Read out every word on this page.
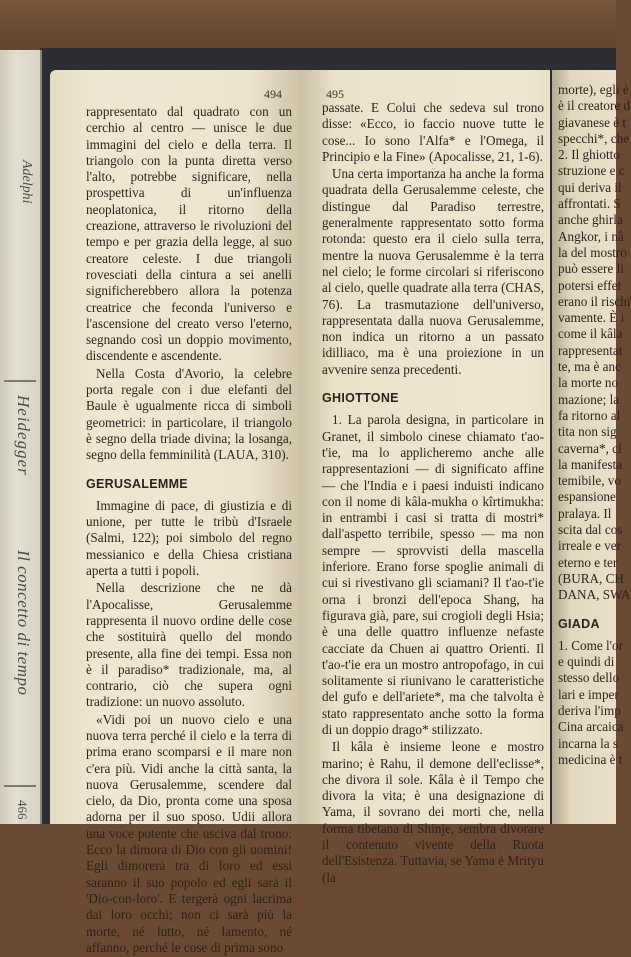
Adelphi
Heidegger
Il concetto di tempo
466
494

rappresentato dal quadrato con un cerchio al centro — unisce le due immagini del cielo e della terra. Il triangolo con la punta diretta verso l'alto, potrebbe significare, nella prospettiva di un'influenza neoplatonica, il ritorno della creazione, attraverso le rivoluzioni del tempo e per grazia della legge, al suo creatore celeste. I due triangoli rovesciati della cintura a sei anelli significherebbero allora la potenza creatrice che feconda l'universo e l'ascensione del creato verso l'eterno, segnando così un doppio movimento, discendente e ascendente.

Nella Costa d'Avorio, la celebre porta regale con i due elefanti del Baule è ugualmente ricca di simboli geometrici: in particolare, il triangolo è segno della triade divina; la losanga, segno della femminilità (LAUA, 310).

GERUSALEMME

Immagine di pace, di giustizia e di unione, per tutte le tribù d'Israele (Salmi, 122); poi simbolo del regno messianico e della Chiesa cristiana aperta a tutti i popoli.

Nella descrizione che ne dà l'Apocalisse, Gerusalemme rappresenta il nuovo ordine delle cose che sostituirà quello del mondo presente, alla fine dei tempi. Essa non è il paradiso* tradizionale, ma, al contrario, ciò che supera ogni tradizione: un nuovo assoluto.

«Vidi poi un nuovo cielo e una nuova terra perché il cielo e la terra di prima erano scomparsi e il mare non c'era più. Vidi anche la città santa, la nuova Gerusalemme, scendere dal cielo, da Dio, pronta come una sposa adorna per il suo sposo. Udii allora una voce potente che usciva dal trono: Ecco la dimora di Dio con gli uomini! Egli dimorerà tra di loro ed essi saranno il suo popolo ed egli sarà il 'Dio-con-loro'. E tergerà ogni lacrima dai loro occhi; non ci sarà più la morte, né lutto, né lamento, né affanno, perché le cose di prima sono

495

passate. E Colui che sedeva sul trono disse: «Ecco, io faccio nuove tutte le cose... Io sono l'Alfa* e l'Omega, il Principio e la Fine» (Apocalisse, 21, 1-6).

Una certa importanza ha anche la forma quadrata della Gerusalemme celeste, che distingue dal Paradiso terrestre, generalmente rappresentato sotto forma rotonda: questo era il cielo sulla terra, mentre la nuova Gerusalemme è la terra nel cielo; le forme circolari si riferiscono al cielo, quelle quadrate alla terra (CHAS, 76). La trasmutazione dell'universo, rappresentata dalla nuova Gerusalemme, non indica un ritorno a un passato idilliaco, ma è una proiezione in un avvenire senza precedenti.

GHIOTTONE

1. La parola designa, in particolare in Granet, il simbolo cinese chiamato t'ao-t'ie, ma lo applicheremo anche alle rappresentazioni — di significato affine — che l'India e i paesi induisti indicano con il nome di kâla-mukha o kîrtimukha: in entrambi i casi si tratta di mostri* dall'aspetto terribile, spesso — ma non sempre — sprovvisti della mascella inferiore. Erano forse spoglie animali di cui si rivestivano gli sciamani? Il t'ao-t'ie orna i bronzi dell'epoca Shang, ha figurava già, pare, sui crogioli degli Hsia; è una delle quattro influenze nefaste cacciate da Chuen ai quattro Orienti. Il t'ao-t'ie era un mostro antropofago, in cui solitamente si riunivano le caratteristiche del gufo e dell'ariete*, ma che talvolta è stato rappresentato anche sotto la forma di un doppio drago* stilizzato.

Il kâla è insieme leone e mostro marino; è Rahu, il demone dell'eclisse*, che divora il sole. Kâla è il Tempo che divora la vita; è una designazione di Yama, il sovrano dei morti che, nella forma tibetana di Shinje, sembra divorare il contenuto vivente della Ruota dell'Esistenza. Tuttavia, se Yama è Mrityu (la

morte), egli è
è il creatore d
giavanese è t
specchi*, che
2. Il ghiotto
struzione e c
qui deriva il
affrontati. S
anche ghirla
Angkor, i nâ
la del mostro
può essere li
potersi effet
erano il rischi
vamente. È i
come il kâla
rappresentat
te, ma è anc
la morte no
mazione; la
fa ritorno al
tita non sig
caverna*, cl
la manifesta
temibile, vo
espansione
pralaya. Il
scita dal cos
irreale e ver
eterno e ter
(BURA, CH
DANA, SWA
GIADA
1. Come l'or
e quindi di
stesso dello
lari e imper
deriva l'imp
Cina arcaica
incarna la s
medicina è t
